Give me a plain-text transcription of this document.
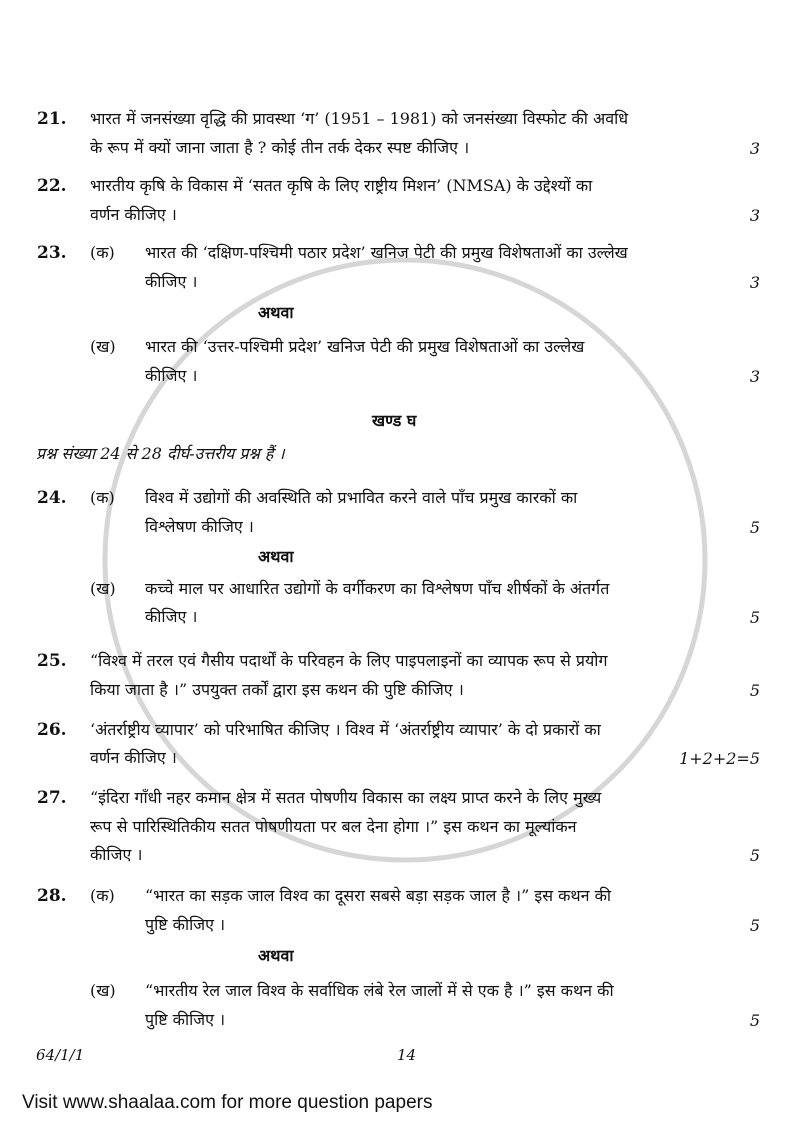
21. भारत में जनसंख्या वृद्धि की प्रावस्था ‘ग’ (1951 – 1981) को जनसंख्या विस्फोट की अवधि
के रूप में क्यों जाना जाता है ? कोई तीन तर्क देकर स्पष्ट कीजिए ।	3
22. भारतीय कृषि के विकास में ‘सतत कृषि के लिए राष्ट्रीय मिशन’ (NMSA) के उद्देश्यों का
वर्णन कीजिए ।	3
23. (क) भारत की ‘दक्षिण-पश्चिमी पठार प्रदेश’ खनिज पेटी की प्रमुख विशेषताओं का उल्लेख
कीजिए ।	3
अथवा
(ख) भारत की ‘उत्तर-पश्चिमी प्रदेश’ खनिज पेटी की प्रमुख विशेषताओं का उल्लेख
कीजिए ।	3
खण्ड घ
प्रश्न संख्या 24 से 28 दीर्घ-उत्तरीय प्रश्न हैं ।
24. (क) विश्व में उद्योगों की अवस्थिति को प्रभावित करने वाले पाँच प्रमुख कारकों का
विश्लेषण कीजिए ।	5
अथवा
(ख) कच्चे माल पर आधारित उद्योगों के वर्गीकरण का विश्लेषण पाँच शीर्षकों के अंतर्गत
कीजिए ।	5
25. “विश्व में तरल एवं गैसीय पदार्थों के परिवहन के लिए पाइपलाइनों का व्यापक रूप से प्रयोग
किया जाता है ।” उपयुक्त तर्कों द्वारा इस कथन की पुष्टि कीजिए ।	5
26. ‘अंतर्राष्ट्रीय व्यापार’ को परिभाषित कीजिए । विश्व में ‘अंतर्राष्ट्रीय व्यापार’ के दो प्रकारों का
वर्णन कीजिए ।	1+2+2=5
27. “इंदिरा गाँधी नहर कमान क्षेत्र में सतत पोषणीय विकास का लक्ष्य प्राप्त करने के लिए मुख्य
रूप से पारिस्थितिकीय सतत पोषणीयता पर बल देना होगा ।” इस कथन का मूल्यांकन
कीजिए ।	5
28. (क) “भारत का सड़क जाल विश्व का दूसरा सबसे बड़ा सड़क जाल है ।” इस कथन की
पुष्टि कीजिए ।	5
अथवा
(ख) “भारतीय रेल जाल विश्व के सर्वाधिक लंबे रेल जालों में से एक है ।” इस कथन की
पुष्टि कीजिए ।	5
64/1/1	14
Visit www.shaalaa.com for more question papers
